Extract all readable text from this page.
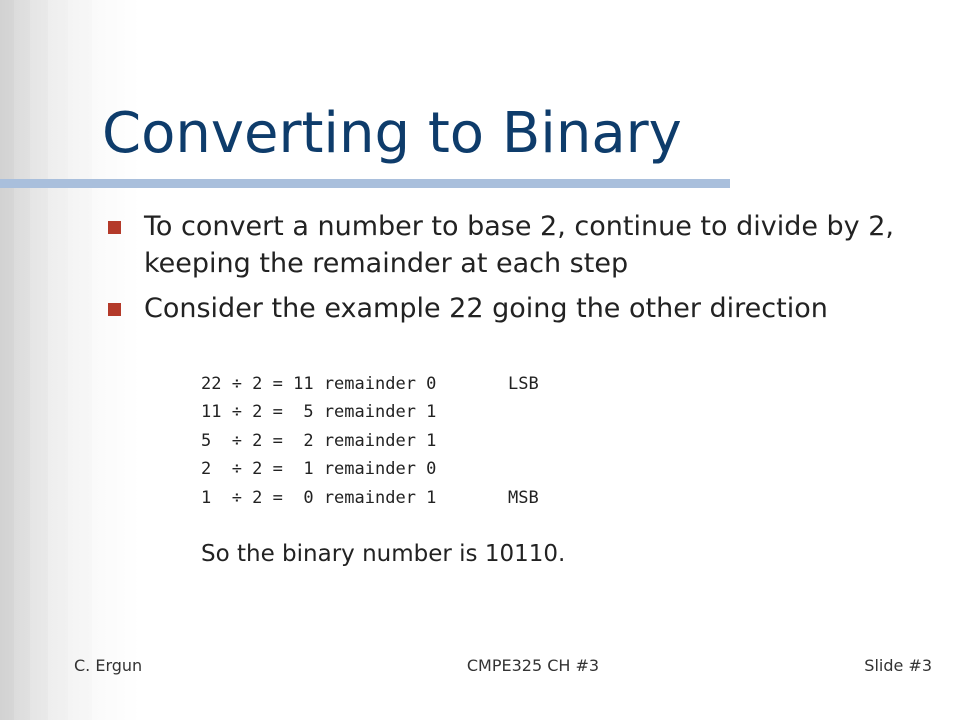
Converting to Binary
To convert a number to base 2, continue to divide by 2, keeping the remainder at each step
Consider the example 22 going the other direction
22 ÷ 2 = 11 remainder 0       LSB
11 ÷ 2 =  5 remainder 1
5  ÷ 2 =  2 remainder 1
2  ÷ 2 =  1 remainder 0
1  ÷ 2 =  0 remainder 1       MSB
So the binary number is 10110.
C. Ergun	CMPE325 CH #3	Slide #3
